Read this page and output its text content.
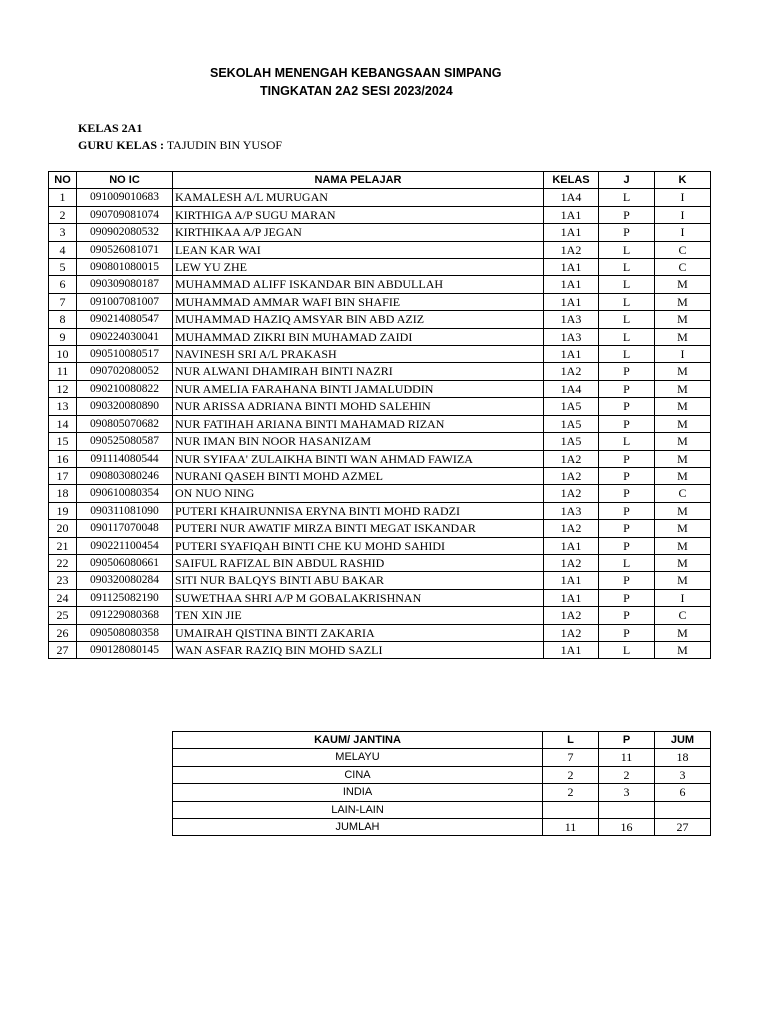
SEKOLAH MENENGAH KEBANGSAAN SIMPANG
TINGKATAN 2A2 SESI 2023/2024
KELAS 2A1
GURU KELAS : TAJUDIN BIN YUSOF
NO	NO IC	NAMA PELAJAR	KELAS	J	K
1	091009010683	KAMALESH A/L MURUGAN	1A4	L	I
2	090709081074	KIRTHIGA A/P SUGU MARAN	1A1	P	I
3	090902080532	KIRTHIKAA A/P JEGAN	1A1	P	I
4	090526081071	LEAN KAR WAI	1A2	L	C
5	090801080015	LEW YU ZHE	1A1	L	C
6	090309080187	MUHAMMAD ALIFF ISKANDAR BIN ABDULLAH	1A1	L	M
7	091007081007	MUHAMMAD AMMAR WAFI BIN SHAFIE	1A1	L	M
8	090214080547	MUHAMMAD HAZIQ AMSYAR BIN ABD AZIZ	1A3	L	M
9	090224030041	MUHAMMAD ZIKRI BIN MUHAMAD ZAIDI	1A3	L	M
10	090510080517	NAVINESH SRI A/L PRAKASH	1A1	L	I
11	090702080052	NUR ALWANI DHAMIRAH BINTI NAZRI	1A2	P	M
12	090210080822	NUR AMELIA FARAHANA BINTI JAMALUDDIN	1A4	P	M
13	090320080890	NUR ARISSA ADRIANA BINTI MOHD SALEHIN	1A5	P	M
14	090805070682	NUR FATIHAH ARIANA BINTI MAHAMAD RIZAN	1A5	P	M
15	090525080587	NUR IMAN BIN NOOR HASANIZAM	1A5	L	M
16	091114080544	NUR SYIFAA' ZULAIKHA BINTI WAN AHMAD FAWIZA	1A2	P	M
17	090803080246	NURANI QASEH BINTI MOHD AZMEL	1A2	P	M
18	090610080354	ON NUO NING	1A2	P	C
19	090311081090	PUTERI KHAIRUNNISA ERYNA BINTI MOHD RADZI	1A3	P	M
20	090117070048	PUTERI NUR AWATIF MIRZA BINTI MEGAT ISKANDAR	1A2	P	M
21	090221100454	PUTERI SYAFIQAH BINTI CHE KU MOHD SAHIDI	1A1	P	M
22	090506080661	SAIFUL RAFIZAL BIN ABDUL RASHID	1A2	L	M
23	090320080284	SITI NUR BALQYS BINTI ABU BAKAR	1A1	P	M
24	091125082190	SUWETHAA SHRI A/P M GOBALAKRISHNAN	1A1	P	I
25	091229080368	TEN XIN JIE	1A2	P	C
26	090508080358	UMAIRAH QISTINA BINTI ZAKARIA	1A2	P	M
27	090128080145	WAN ASFAR RAZIQ BIN MOHD SAZLI	1A1	L	M
KAUM/ JANTINA	L	P	JUM
MELAYU	7	11	18
CINA	2	2	3
INDIA	2	3	6
LAIN-LAIN			
JUMLAH	11	16	27
